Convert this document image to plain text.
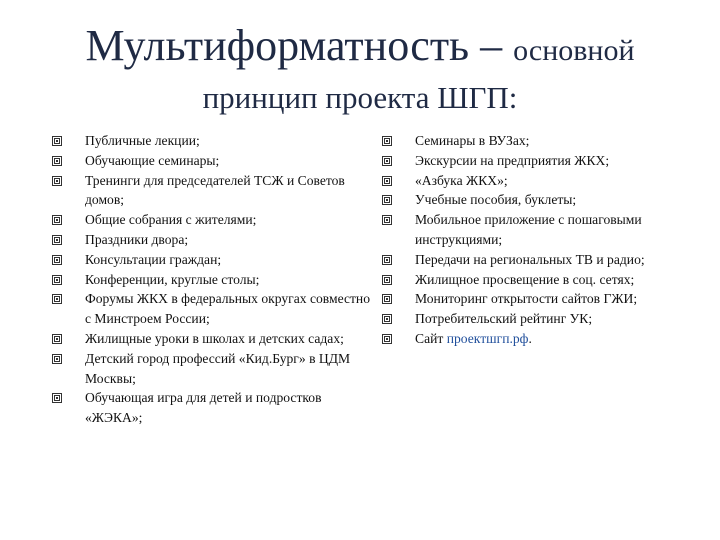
Мультиформатность – основной
принцип проекта ШГП:
Публичные лекции;
Обучающие семинары;
Тренинги для председателей ТСЖ и Советов домов;
Общие собрания с жителями;
Праздники двора;
Консультации граждан;
Конференции, круглые столы;
Форумы ЖКХ в федеральных округах совместно с Минстроем России;
Жилищные уроки в школах и детских садах;
Детский город профессий «Кид.Бург» в ЦДМ Москвы;
Обучающая игра для детей и подростков «ЖЭКА»;
Семинары в ВУЗах;
Экскурсии на предприятия ЖКХ;
«Азбука ЖКХ»;
Учебные пособия, буклеты;
Мобильное приложение с пошаговыми инструкциями;
Передачи на региональных ТВ и радио;
Жилищное просвещение в соц. сетях;
Мониторинг открытости сайтов ГЖИ;
Потребительский рейтинг УК;
Сайт проектшгп.рф.
